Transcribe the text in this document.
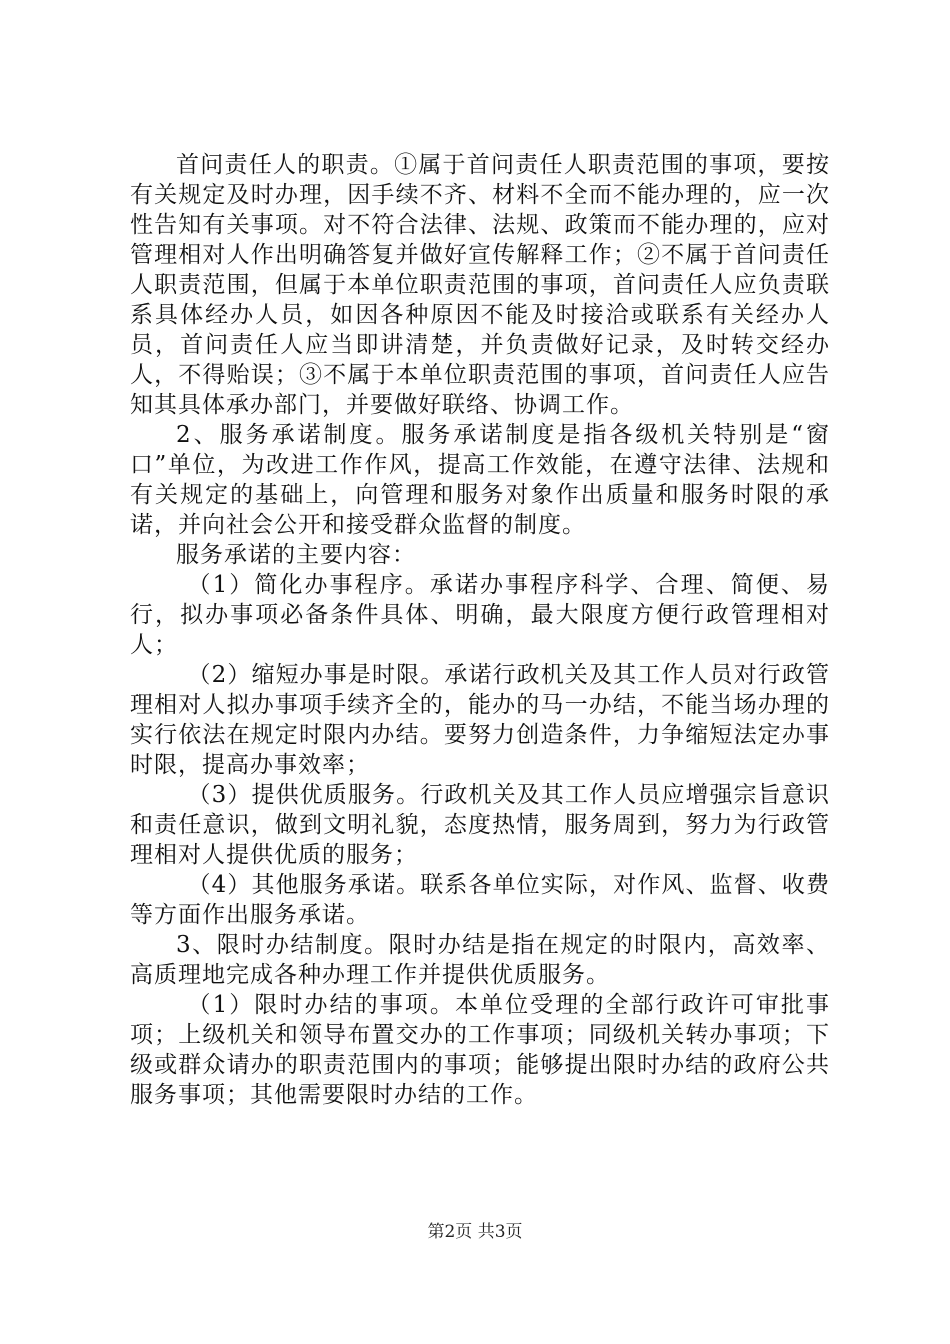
首问责任人的职责。①属于首问责任人职责范围的事项，要按有关规定及时办理，因手续不齐、材料不全而不能办理的，应一次性告知有关事项。对不符合法律、法规、政策而不能办理的，应对管理相对人作出明确答复并做好宣传解释工作；②不属于首问责任人职责范围，但属于本单位职责范围的事项，首问责任人应负责联系具体经办人员，如因各种原因不能及时接洽或联系有关经办人员，首问责任人应当即讲清楚，并负责做好记录，及时转交经办人，不得贻误；③不属于本单位职责范围的事项，首问责任人应告知其具体承办部门，并要做好联络、协调工作。

2、服务承诺制度。服务承诺制度是指各级机关特别是“窗口”单位，为改进工作作风，提高工作效能，在遵守法律、法规和有关规定的基础上，向管理和服务对象作出质量和服务时限的承诺，并向社会公开和接受群众监督的制度。

服务承诺的主要内容：

（1）简化办事程序。承诺办事程序科学、合理、简便、易行，拟办事项必备条件具体、明确，最大限度方便行政管理相对人；

（2）缩短办事是时限。承诺行政机关及其工作人员对行政管理相对人拟办事项手续齐全的，能办的马一办结，不能当场办理的实行依法在规定时限内办结。要努力创造条件，力争缩短法定办事时限，提高办事效率；

（3）提供优质服务。行政机关及其工作人员应增强宗旨意识和责任意识，做到文明礼貌，态度热情，服务周到，努力为行政管理相对人提供优质的服务；

（4）其他服务承诺。联系各单位实际，对作风、监督、收费等方面作出服务承诺。

3、限时办结制度。限时办结是指在规定的时限内，高效率、高质理地完成各种办理工作并提供优质服务。

（1）限时办结的事项。本单位受理的全部行政许可审批事项；上级机关和领导布置交办的工作事项；同级机关转办事项；下级或群众请办的职责范围内的事项；能够提出限时办结的政府公共服务事项；其他需要限时办结的工作。

第2页 共3页
